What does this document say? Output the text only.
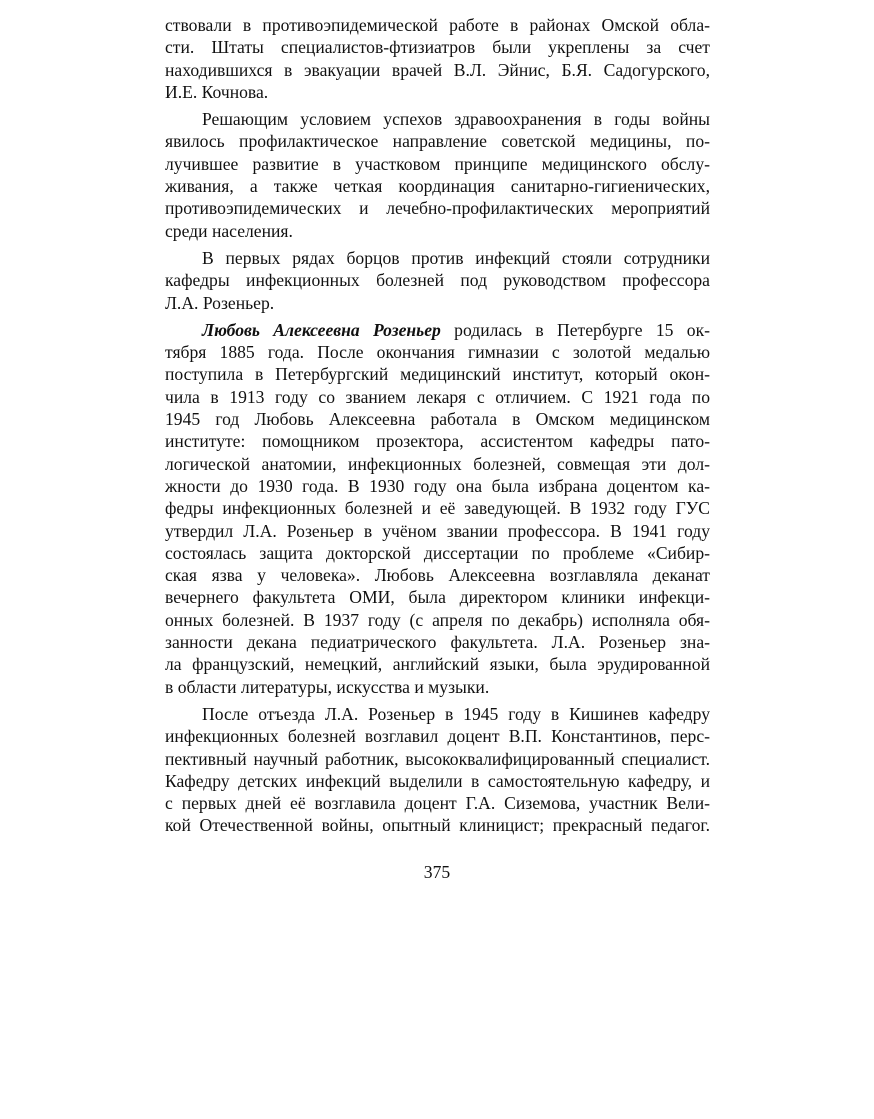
ствовали в противоэпидемической работе в районах Омской обла-
сти. Штаты специалистов-фтизиатров были укреплены за счет
находившихся в эвакуации врачей В.Л. Эйнис, Б.Я. Садогурского,
И.Е. Кочнова.
Решающим условием успехов здравоохранения в годы войны
явилось профилактическое направление советской медицины, по-
лучившее развитие в участковом принципе медицинского обслу-
живания, а также четкая координация санитарно-гигиенических,
противоэпидемических и лечебно-профилактических мероприятий
среди населения.
В первых рядах борцов против инфекций стояли сотрудники
кафедры инфекционных болезней под руководством профессора
Л.А. Розеньер.
Любовь Алексеевна Розеньер родилась в Петербурге 15 ок-
тября 1885 года. После окончания гимназии с золотой медалью
поступила в Петербургский медицинский институт, который окон-
чила в 1913 году со званием лекаря с отличием. С 1921 года по
1945 год Любовь Алексеевна работала в Омском медицинском
институте: помощником прозектора, ассистентом кафедры пато-
логической анатомии, инфекционных болезней, совмещая эти дол-
жности до 1930 года. В 1930 году она была избрана доцентом ка-
федры инфекционных болезней и её заведующей. В 1932 году ГУС
утвердил Л.А. Розеньер в учёном звании профессора. В 1941 году
состоялась защита докторской диссертации по проблеме «Сибир-
ская язва у человека». Любовь Алексеевна возглавляла деканат
вечернего факультета ОМИ, была директором клиники инфекци-
онных болезней. В 1937 году (с апреля по декабрь) исполняла обя-
занности декана педиатрического факультета. Л.А. Розеньер зна-
ла французский, немецкий, английский языки, была эрудированной
в области литературы, искусства и музыки.
После отъезда Л.А. Розеньер в 1945 году в Кишинев кафедру
инфекционных болезней возглавил доцент В.П. Константинов, перс-
пективный научный работник, высококвалифицированный специалист.
Кафедру детских инфекций выделили в самостоятельную кафедру, и
с первых дней её возглавила доцент Г.А. Сиземова, участник Вели-
кой Отечественной войны, опытный клиницист; прекрасный педагог.
375
